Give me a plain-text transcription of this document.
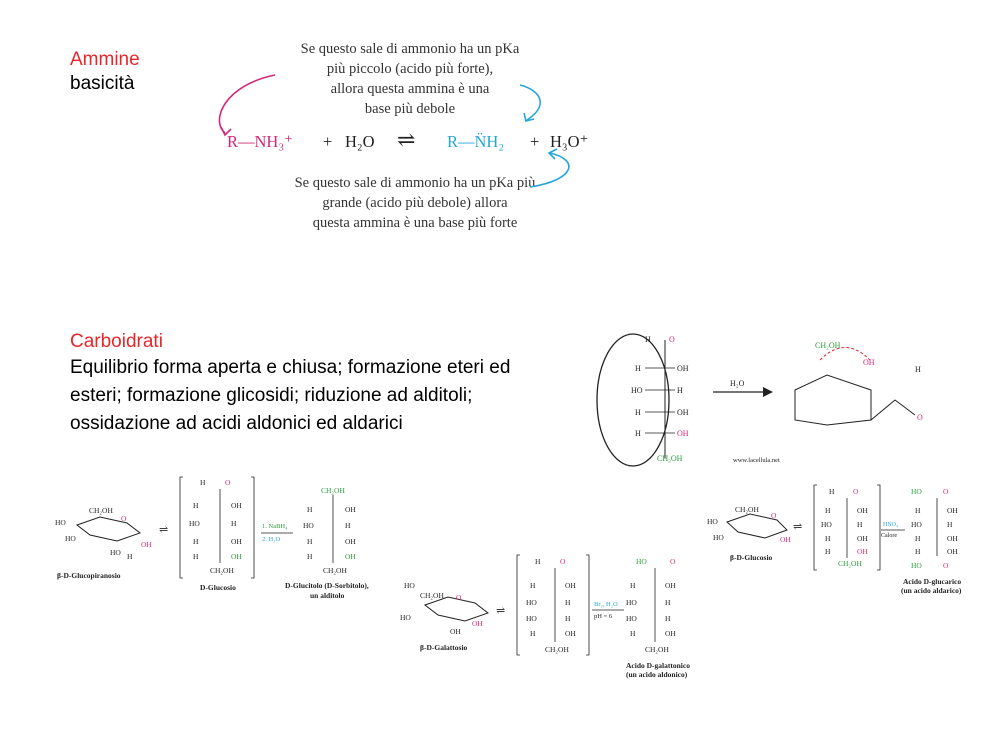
Ammine
basicità
Carboidrati
Equilibrio forma aperta e chiusa; formazione eteri ed esteri; formazione glicosidi; riduzione ad alditoli; ossidazione ad acidi aldonici ed aldarici
Se questo sale di ammonio ha un pKa
più piccolo (acido più forte),
allora questa ammina è una
base più debole
R—NH₃⁺ + H₂O ⇌ R—N̈H₂ + H₃O⁺
Se questo sale di ammonio ha un pKa più
grande (acido più debole) allora
questa ammina è una base più forte
H O
H	OH
HO	H
H	OH
H	OH
CH₂OH
H₂O
CH₂OH
OH
H
O
www.lacellula.net
CH₂OH
HO
HO
O
OH
HO H
β-D-Glucopiranosio
⇌
H	O
H	OH
HO	H
H	OH
H	OH
CH₂OH
D-Glucosio
1. NaBH₄
2. H₂O
CH₂OH
H	OH
HO	H
H	OH
H	OH
CH₂OH
D-Glucitolo (D-Sorbitolo),
un alditolo
HO
CH₂OH O
HO
OH
OH
β-D-Galattosio
⇌
H	O
H	OH
HO	H
HO	H
H	OH
CH₂OH
Br₂, H₂O
pH = 6
HO	O
H	OH
HO	H
HO	H
H	OH
CH₂OH
Acido D-galattonico
(un acido aldonico)
CH₂OH
HO
HO
O
OH
β-D-Glucosio
⇌
H O
H	OH
HO	H
H	OH
H	OH
CH₂OH
HNO₃
Calore
HO	O
H	OH
HO	H
H	OH
H	OH
HO	O
Acido D-glucarico
(un acido aldarico)
